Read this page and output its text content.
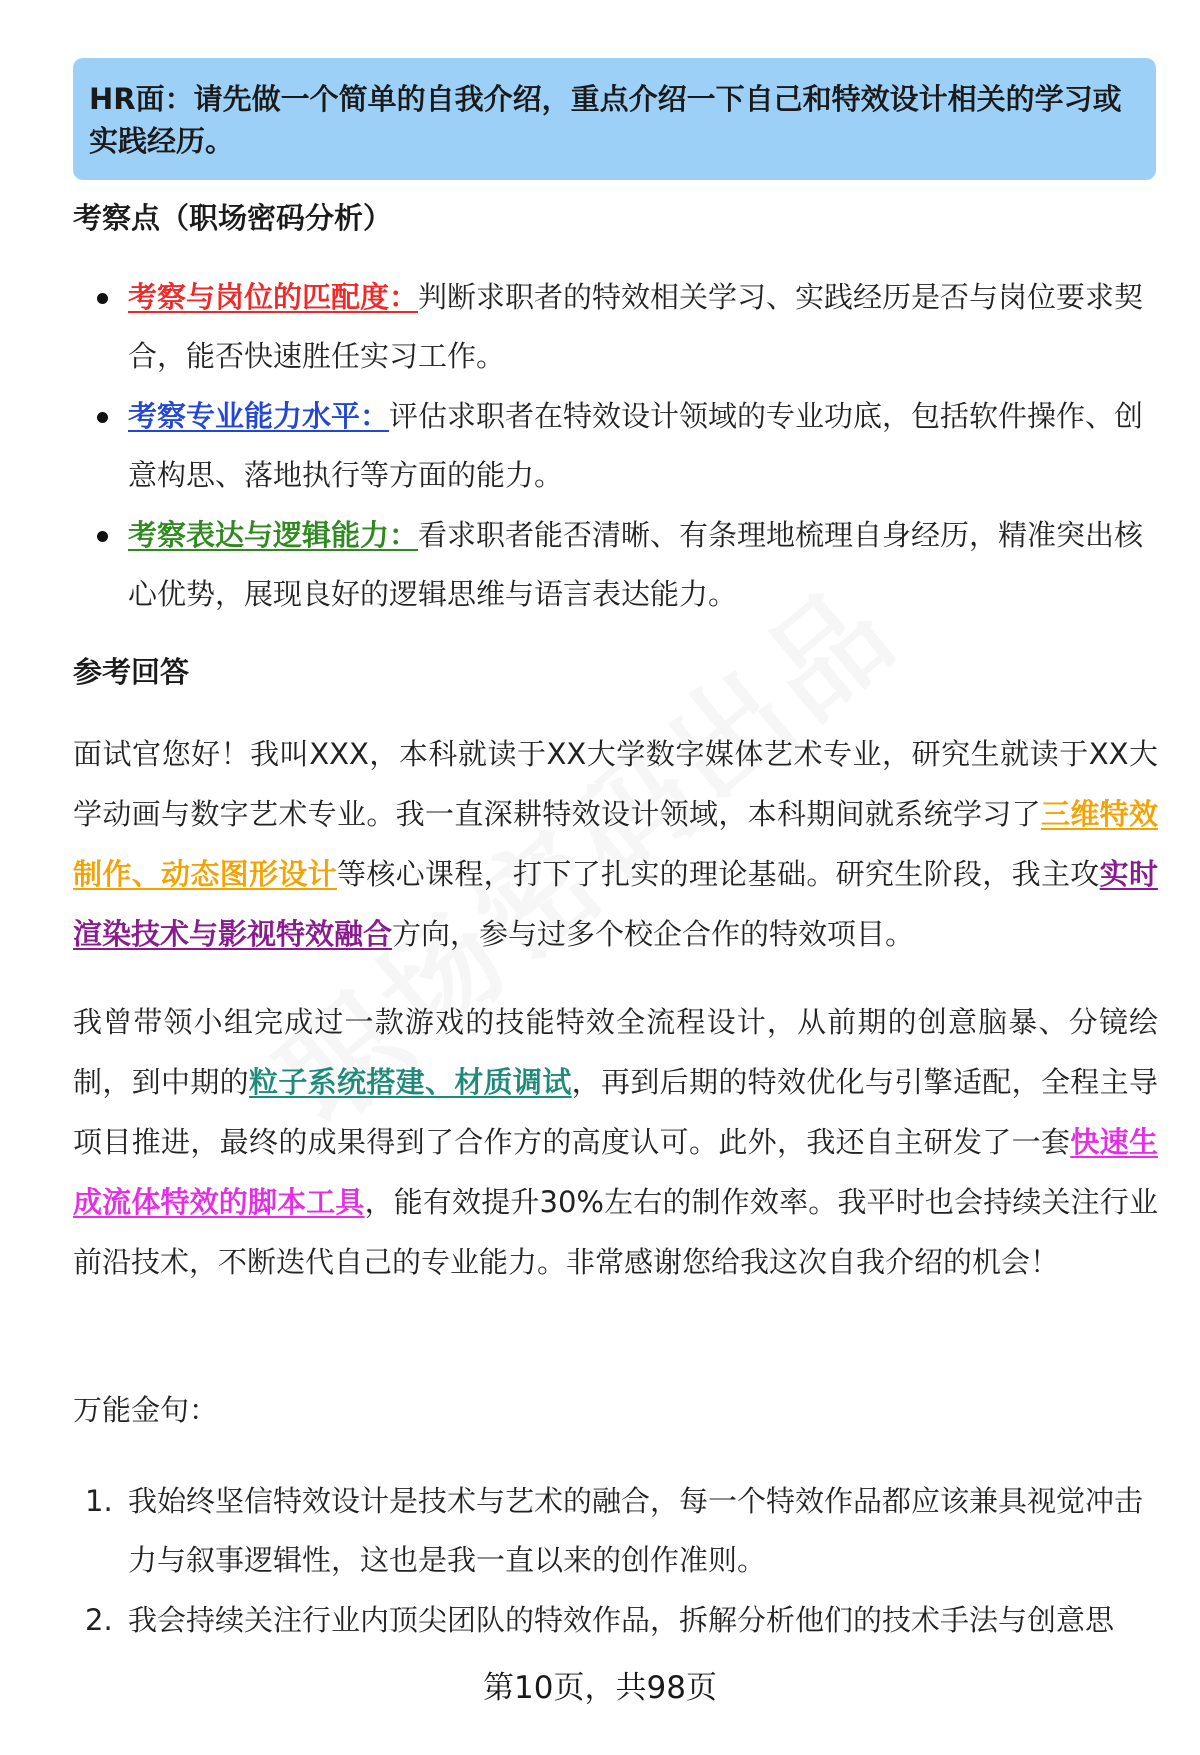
HR面：请先做一个简单的自我介绍，重点介绍一下自己和特效设计相关的学习或实践经历。
考察点（职场密码分析）
考察与岗位的匹配度：判断求职者的特效相关学习、实践经历是否与岗位要求契合，能否快速胜任实习工作。
考察专业能力水平：评估求职者在特效设计领域的专业功底，包括软件操作、创意构思、落地执行等方面的能力。
考察表达与逻辑能力：看求职者能否清晰、有条理地梳理自身经历，精准突出核心优势，展现良好的逻辑思维与语言表达能力。
参考回答
面试官您好！我叫XXX，本科就读于XX大学数字媒体艺术专业，研究生就读于XX大学动画与数字艺术专业。我一直深耕特效设计领域，本科期间就系统学习了三维特效制作、动态图形设计等核心课程，打下了扎实的理论基础。研究生阶段，我主攻实时渲染技术与影视特效融合方向，参与过多个校企合作的特效项目。
我曾带领小组完成过一款游戏的技能特效全流程设计，从前期的创意脑暴、分镜绘制，到中期的粒子系统搭建、材质调试，再到后期的特效优化与引擎适配，全程主导项目推进，最终的成果得到了合作方的高度认可。此外，我还自主研发了一套快速生成流体特效的脚本工具，能有效提升30%左右的制作效率。我平时也会持续关注行业前沿技术，不断迭代自己的专业能力。非常感谢您给我这次自我介绍的机会！
万能金句：
1. 我始终坚信特效设计是技术与艺术的融合，每一个特效作品都应该兼具视觉冲击力与叙事逻辑性，这也是我一直以来的创作准则。
2. 我会持续关注行业内顶尖团队的特效作品，拆解分析他们的技术手法与创意思
第10页，共98页
